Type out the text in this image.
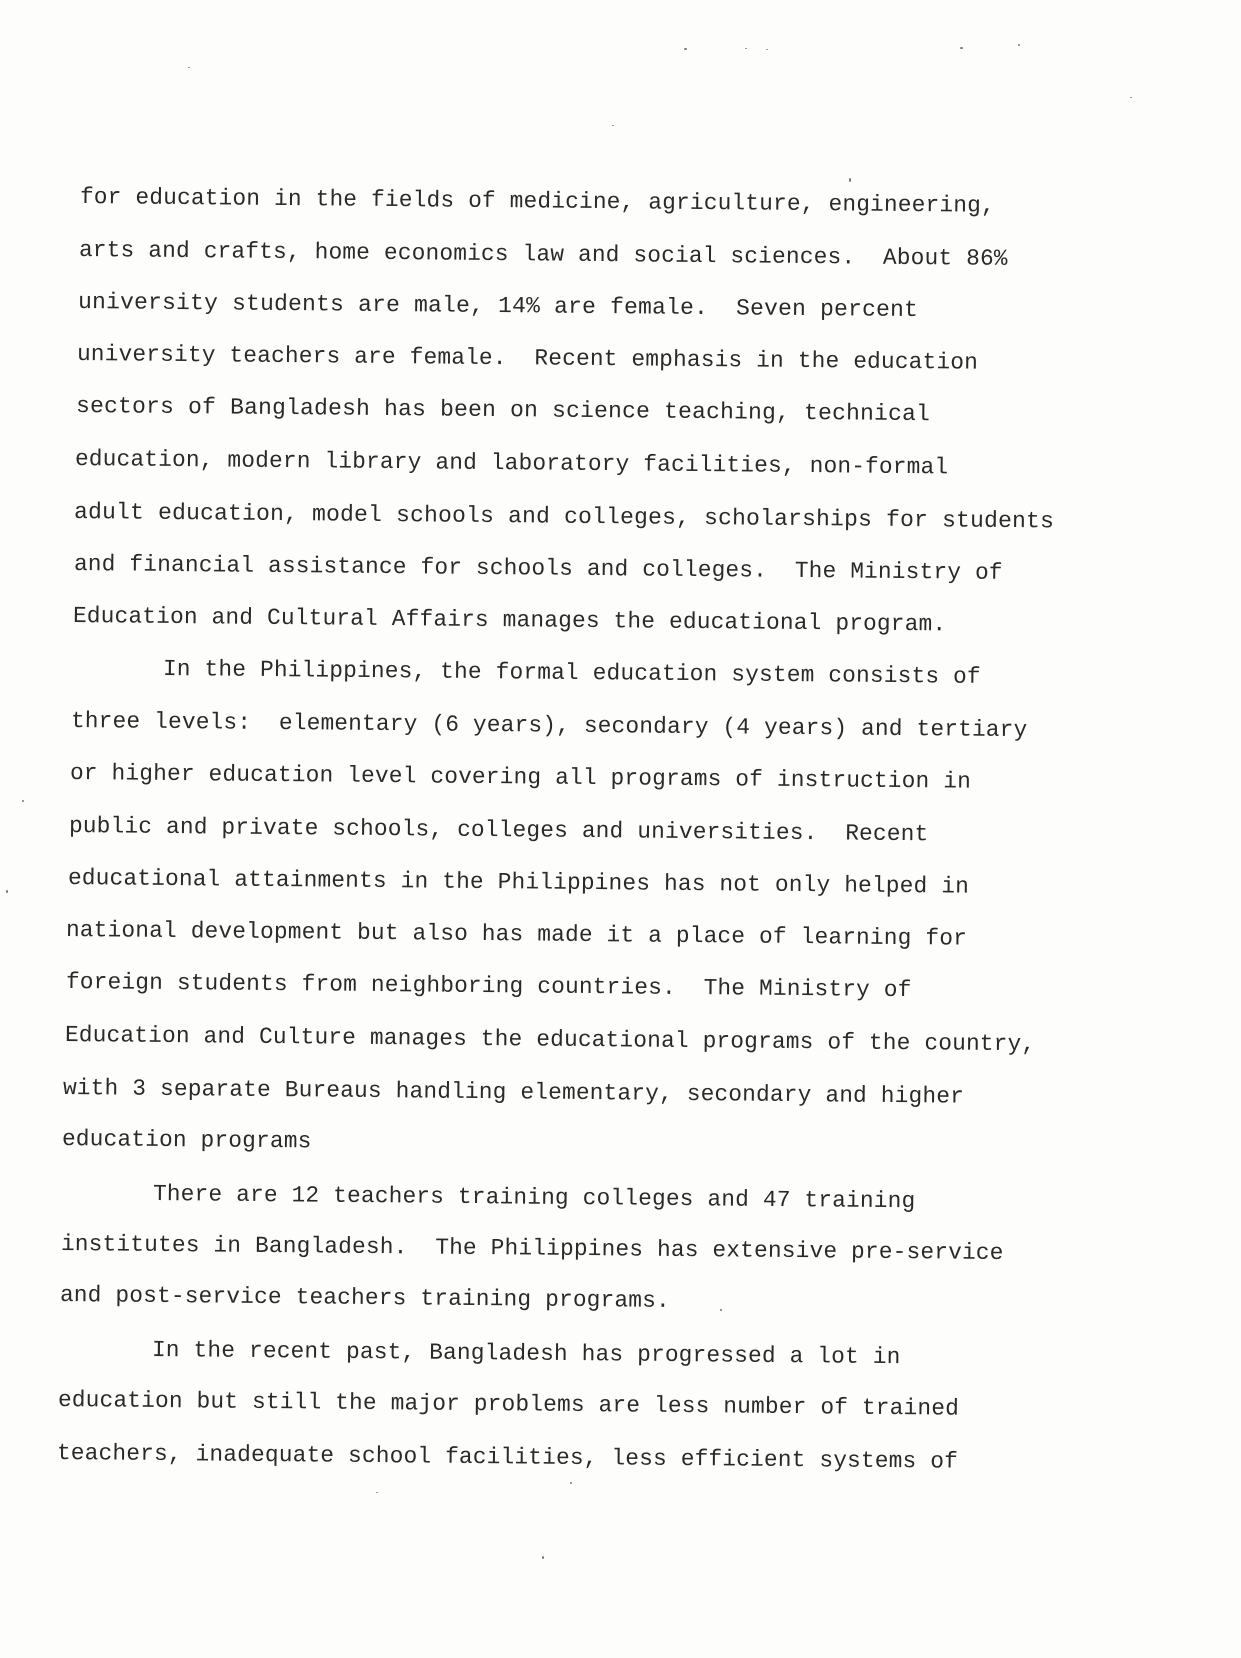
for education in the fields of medicine, agriculture, engineering,
arts and crafts, home economics law and social sciences.  About 86%
university students are male, 14% are female.  Seven percent
university teachers are female.  Recent emphasis in the education
sectors of Bangladesh has been on science teaching, technical
education, modern library and laboratory facilities, non-formal
adult education, model schools and colleges, scholarships for students
and financial assistance for schools and colleges.  The Ministry of
Education and Cultural Affairs manages the educational program.
In the Philippines, the formal education system consists of
three levels:  elementary (6 years), secondary (4 years) and tertiary
or higher education level covering all programs of instruction in
public and private schools, colleges and universities.  Recent
educational attainments in the Philippines has not only helped in
national development but also has made it a place of learning for
foreign students from neighboring countries.  The Ministry of
Education and Culture manages the educational programs of the country,
with 3 separate Bureaus handling elementary, secondary and higher
education programs
There are 12 teachers training colleges and 47 training
institutes in Bangladesh.  The Philippines has extensive pre-service
and post-service teachers training programs.
In the recent past, Bangladesh has progressed a lot in
education but still the major problems are less number of trained
teachers, inadequate school facilities, less efficient systems of
